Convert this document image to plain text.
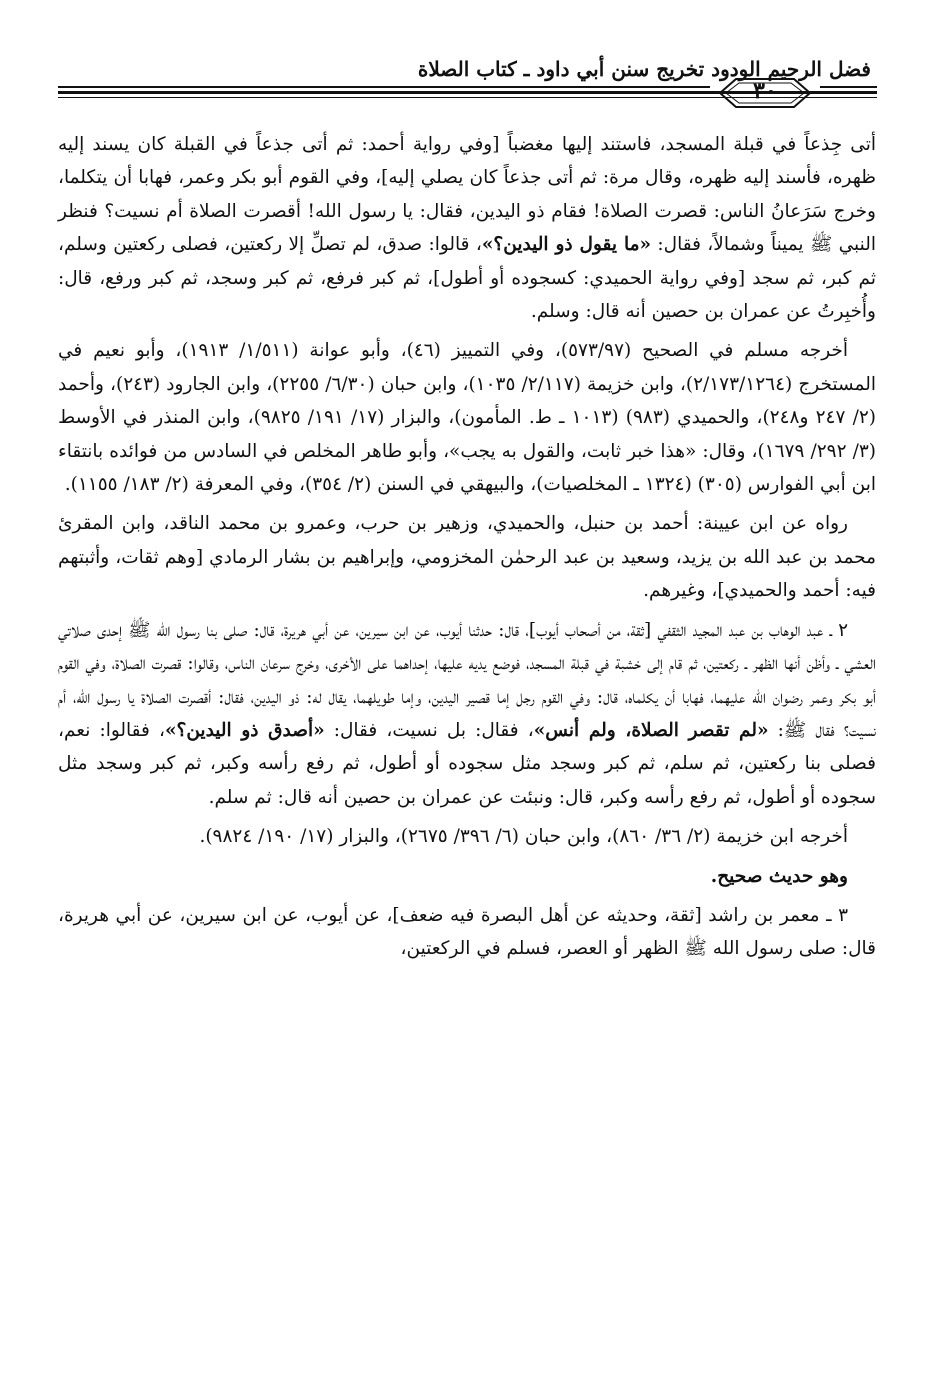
فضل الرحيم الودود تخريج سنن أبي داود ـ كتاب الصلاة
٣٠

أتى جِذعاً في قبلة المسجد، فاستند إليها مغضباً [وفي رواية أحمد: ثم أتى جذعاً في القبلة كان يسند إليه ظهره، فأسند إليه ظهره، وقال مرة: ثم أتى جذعاً كان يصلي إليه]، وفي القوم أبو بكر وعمر، فهابا أن يتكلما، وخرج سَرَعانُ الناس: قصرت الصلاة! فقام ذو اليدين، فقال: يا رسول الله! أقصرت الصلاة أم نسيت؟ فنظر النبي ﷺ يميناً وشمالاً، فقال: «ما يقول ذو اليدين؟»، قالوا: صدق، لم تصلِّ إلا ركعتين، فصلى ركعتين وسلم، ثم كبر، ثم سجد [وفي رواية الحميدي: كسجوده أو أطول]، ثم كبر فرفع، ثم كبر وسجد، ثم كبر ورفع، قال: وأُخبِرتُ عن عمران بن حصين أنه قال: وسلم.

أخرجه مسلم في الصحيح (٥٧٣/٩٧)، وفي التمييز (٤٦)، وأبو عوانة (١/٥١١/ ١٩١٣)، وأبو نعيم في المستخرج (٢/١٧٣/١٢٦٤)، وابن خزيمة (٢/١١٧/ ١٠٣٥)، وابن حبان (٦/٣٠/ ٢٢٥٥)، وابن الجارود (٢٤٣)، وأحمد (٢/ ٢٤٧ و٢٤٨)، والحميدي (٩٨٣) (١٠١٣ ـ ط. المأمون)، والبزار (١٧/ ١٩١/ ٩٨٢٥)، وابن المنذر في الأوسط (٣/ ٢٩٢/ ١٦٧٩)، وقال: «هذا خبر ثابت، والقول به يجب»، وأبو طاهر المخلص في السادس من فوائده بانتقاء ابن أبي الفوارس (٣٠٥) (١٣٢٤ ـ المخلصيات)، والبيهقي في السنن (٢/ ٣٥٤)، وفي المعرفة (٢/ ١٨٣/ ١١٥٥).

رواه عن ابن عيينة: أحمد بن حنبل، والحميدي، وزهير بن حرب، وعمرو بن محمد الناقد، وابن المقرئ محمد بن عبد الله بن يزيد، وسعيد بن عبد الرحمٰن المخزومي، وإبراهيم بن بشار الرمادي [وهم ثقات، وأثبتهم فيه: أحمد والحميدي]، وغيرهم.

٢ ـ عبد الوهاب بن عبد المجيد الثقفي [ثقة، من أصحاب أيوب]، قال: حدثنا أيوب، عن ابن سيرين، عن أبي هريرة، قال: صلى بنا رسول الله ﷺ إحدى صلاتي العشي ـ وأظن أنها الظهر ـ ركعتين، ثم قام إلى خشبة في قبلة المسجد، فوضع يديه عليها، إحداهما على الأخرى، وخرج سرعان الناس، وقالوا: قصرت الصلاة، وفي القوم أبو بكر وعمر رضوان الله عليهما، فهابا أن يكلماه، قال: وفي القوم رجل إما قصير اليدين، وإما طويلهما، يقال له: ذو اليدين، فقال: أقصرت الصلاة يا رسول الله، أم نسيت؟ فقال ﷺ: «لم تقصر الصلاة، ولم أنس»، فقال: بل نسيت، فقال: «أصدق ذو اليدين؟»، فقالوا: نعم، فصلى بنا ركعتين، ثم سلم، ثم كبر وسجد مثل سجوده أو أطول، ثم رفع رأسه وكبر، ثم كبر وسجد مثل سجوده أو أطول، ثم رفع رأسه وكبر، قال: ونبئت عن عمران بن حصين أنه قال: ثم سلم.

أخرجه ابن خزيمة (٢/ ٣٦/ ٨٦٠)، وابن حبان (٦/ ٣٩٦/ ٢٦٧٥)، والبزار (١٧/ ١٩٠/ ٩٨٢٤).

وهو حديث صحيح.

٣ ـ معمر بن راشد [ثقة، وحديثه عن أهل البصرة فيه ضعف]، عن أيوب، عن ابن سيرين، عن أبي هريرة، قال: صلى رسول الله ﷺ الظهر أو العصر، فسلم في الركعتين،
